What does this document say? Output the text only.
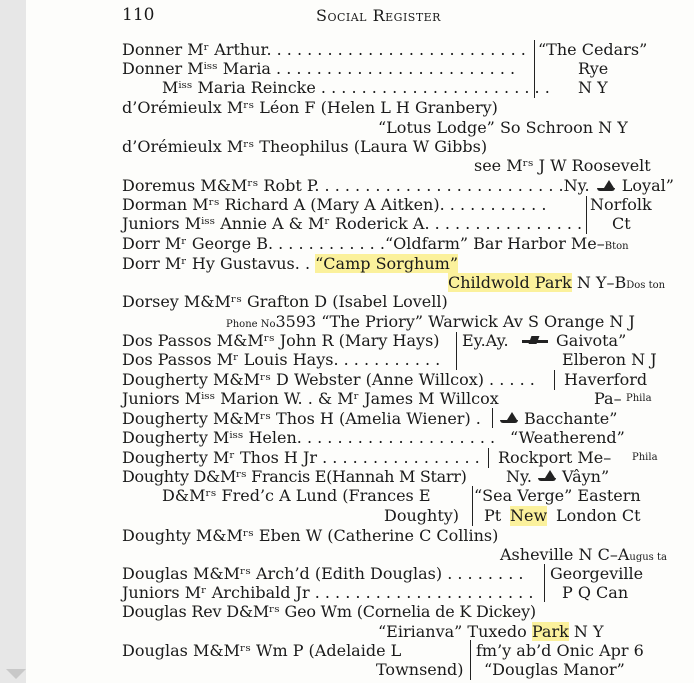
110	Social Register
Donner Mʳ Arthur. . . . . . . . . . . . . . . . . . . . . . . . . . “The Cedars”
Donner Mⁱˢˢ Maria . . . . . . . . . . . . . . . . . . . . . . . .	Rye
Mⁱˢˢ Maria Reincke . . . . . . . . . . . . . . . . . . . . . . . N Y
d’Orémieulx Mʳˢ Léon F (Helen L H Granbery)
“Lotus Lodge” So Schroon N Y
d’Orémieulx Mʳˢ Theophilus (Laura W Gibbs)
see Mʳˢ J W Roosevelt
Doremus M&Mʳˢ Robt P. . . . . . . . . . . . . . . . . . . . . . . . .Ny. Loyal”
Dorman Mʳˢ Richard A (Mary A Aitken). . . . . . . . . . .	Norfolk
Juniors Mⁱˢˢ Annie A & Mʳ Roderick A. . . . . . . . . . . . . . . . Ct
Dorr Mʳ George B. . . . . . . . . . . .“Oldfarm” Bar Harbor Me–Bton
Dorr Mʳ Hy Gustavus. . “Camp Sorghum”
Childwold Park N Y–BDos ton
Dorsey M&Mʳˢ Grafton D (Isabel Lovell)
Phone No3593 “The Priory” Warwick Av S Orange N J
Dos Passos M&Mʳˢ John R (Mary Hays) Ey.Ay.	Gaivota”
Dos Passos Mʳ Louis Hays. . . . . . . . . . .	Elberon N J
Dougherty M&Mʳˢ D Webster (Anne Willcox) . . . . . Haverford
Juniors Mⁱˢˢ Marion W. . & Mʳ James M Willcox	Pa– Phila
Dougherty M&Mʳˢ Thos H (Amelia Wiener) .	Bacchante”
Dougherty Mⁱˢˢ Helen. . . . . . . . . . . . . . . . . . . . “Weatherend”
Dougherty Mʳ Thos H Jr . . . . . . . . . . . . . . . . Rockport Me– Phila
Doughty D&Mʳˢ Francis E(Hannah M Starr) Ny. Vâyn”
D&Mʳˢ Fred’c A Lund (Frances E	“Sea Verge” Eastern
Doughty) Pt New London Ct
Doughty M&Mʳˢ Eben W (Catherine C Collins)
Asheville N C–Augus ta
Douglas M&Mʳˢ Arch’d (Edith Douglas) . . . . . . . . Georgeville
Juniors Mʳ Archibald Jr . . . . . . . . . . . . . . . . . . . . . . P Q Can
Douglas Rev D&Mʳˢ Geo Wm (Cornelia de K Dickey)
“Eirianva” Tuxedo Park N Y
Douglas M&Mʳˢ Wm P (Adelaide L	fm’y ab’d Onic Apr 6
Townsend) “Douglas Manor”
